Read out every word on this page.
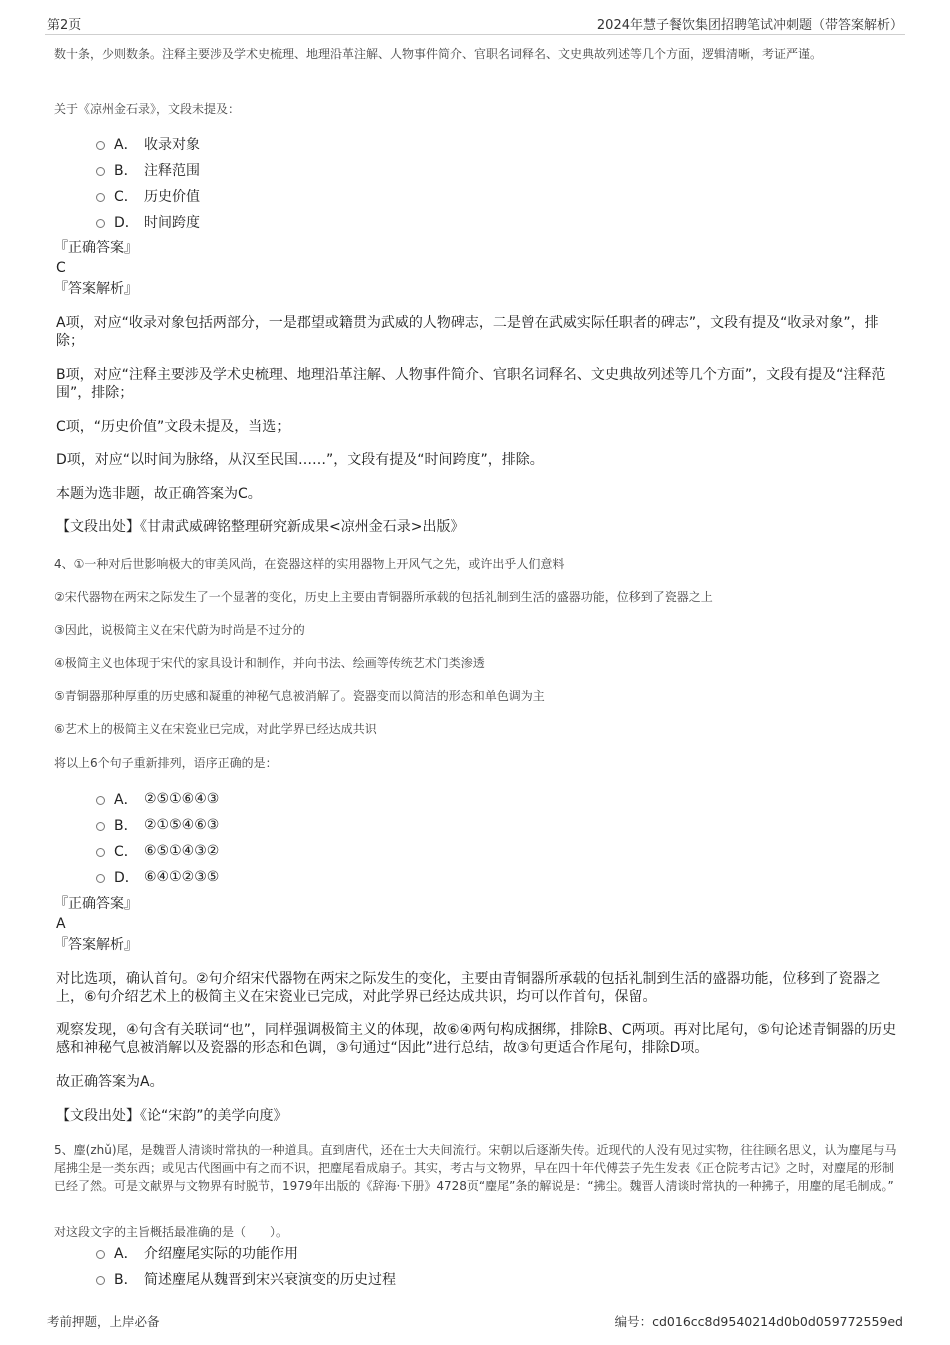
第2页	2024年慧子餐饮集团招聘笔试冲刺题（带答案解析）
数十条，少则数条。注释主要涉及学术史梳理、地理沿革注解、人物事件简介、官职名词释名、文史典故列述等几个方面，逻辑清晰，考证严谨。
关于《凉州金石录》，文段未提及：
A． 收录对象
B． 注释范围
C． 历史价值
D． 时间跨度
『正确答案』
C
『答案解析』
A项，对应“收录对象包括两部分，一是郡望或籍贯为武威的人物碑志，二是曾在武威实际任职者的碑志”，文段有提及“收录对象”，排除；
B项，对应“注释主要涉及学术史梳理、地理沿革注解、人物事件简介、官职名词释名、文史典故列述等几个方面”，文段有提及“注释范围”，排除；
C项，“历史价值”文段未提及，当选；
D项，对应“以时间为脉络，从汉至民国……”，文段有提及“时间跨度”，排除。
本题为选非题，故正确答案为C。
【文段出处】《甘肃武威碑铭整理研究新成果<凉州金石录>出版》
4、①一种对后世影响极大的审美风尚，在瓷器这样的实用器物上开风气之先，或许出乎人们意料
②宋代器物在两宋之际发生了一个显著的变化，历史上主要由青铜器所承载的包括礼制到生活的盛器功能，位移到了瓷器之上
③因此，说极简主义在宋代蔚为时尚是不过分的
④极简主义也体现于宋代的家具设计和制作，并向书法、绘画等传统艺术门类渗透
⑤青铜器那种厚重的历史感和凝重的神秘气息被消解了。瓷器变而以简洁的形态和单色调为主
⑥艺术上的极简主义在宋瓷业已完成，对此学界已经达成共识
将以上6个句子重新排列，语序正确的是：
A． ②⑤①⑥④③
B． ②①⑤④⑥③
C． ⑥⑤①④③②
D． ⑥④①②③⑤
『正确答案』
A
『答案解析』
对比选项，确认首句。②句介绍宋代器物在两宋之际发生的变化，主要由青铜器所承载的包括礼制到生活的盛器功能，位移到了瓷器之上，⑥句介绍艺术上的极简主义在宋瓷业已完成，对此学界已经达成共识，均可以作首句，保留。
观察发现，④句含有关联词“也”，同样强调极简主义的体现，故⑥④两句构成捆绑，排除B、C两项。再对比尾句，⑤句论述青铜器的历史感和神秘气息被消解以及瓷器的形态和色调，③句通过“因此”进行总结，故③句更适合作尾句，排除D项。
故正确答案为A。
【文段出处】《论“宋韵”的美学向度》
5、麈(zhǔ)尾，是魏晋人清谈时常执的一种道具。直到唐代，还在士大夫间流行。宋朝以后逐渐失传。近现代的人没有见过实物，往往顾名思义，认为麈尾与马尾拂尘是一类东西；或见古代图画中有之而不识，把麈尾看成扇子。其实，考古与文物界，早在四十年代傅芸子先生发表《正仓院考古记》之时，对麈尾的形制已经了然。可是文献界与文物界有时脱节，1979年出版的《辞海·下册》4728页“麈尾”条的解说是：“拂尘。魏晋人清谈时常执的一种拂子，用麈的尾毛制成。”
对这段文字的主旨概括最准确的是（　　）。
A． 介绍麈尾实际的功能作用
B． 简述麈尾从魏晋到宋兴衰演变的历史过程
考前押题，上岸必备	编号：cd016cc8d9540214d0b0d059772559ed
